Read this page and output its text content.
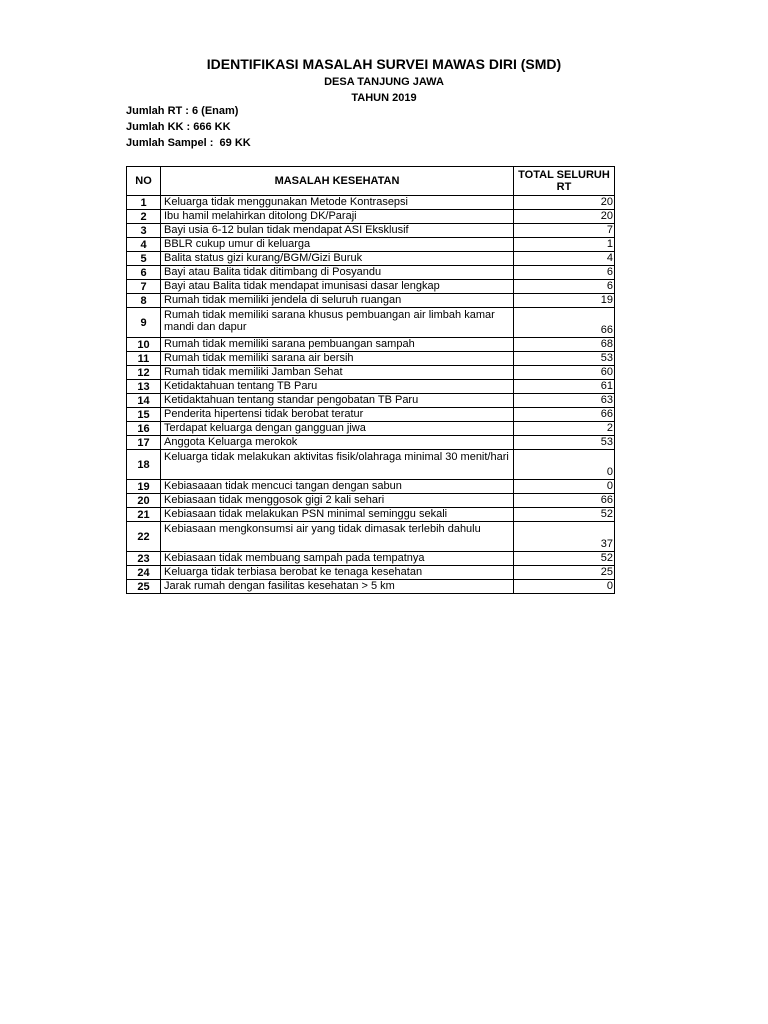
IDENTIFIKASI MASALAH SURVEI MAWAS DIRI (SMD)
DESA TANJUNG JAWA
TAHUN 2019
Jumlah RT : 6 (Enam)
Jumlah KK : 666 KK
Jumlah Sampel :  69 KK
NO	MASALAH KESEHATAN	TOTAL SELURUH RT
1	Keluarga tidak menggunakan Metode Kontrasepsi	20
2	Ibu hamil melahirkan ditolong DK/Paraji	20
3	Bayi usia 6-12 bulan tidak mendapat ASI Eksklusif	7
4	BBLR cukup umur di keluarga	1
5	Balita status gizi kurang/BGM/Gizi Buruk	4
6	Bayi atau Balita tidak ditimbang di Posyandu	6
7	Bayi atau Balita tidak mendapat imunisasi dasar lengkap	6
8	Rumah tidak memiliki jendela di seluruh ruangan	19
9	Rumah tidak memiliki sarana khusus pembuangan air limbah kamar mandi dan dapur	66
10	Rumah tidak memiliki sarana pembuangan sampah	68
11	Rumah tidak memiliki sarana air bersih	53
12	Rumah tidak memiliki Jamban Sehat	60
13	Ketidaktahuan tentang TB Paru	61
14	Ketidaktahuan tentang standar pengobatan TB Paru	63
15	Penderita hipertensi tidak berobat teratur	66
16	Terdapat keluarga dengan gangguan jiwa	2
17	Anggota Keluarga merokok	53
18	Keluarga tidak melakukan aktivitas fisik/olahraga minimal 30 menit/hari	0
19	Kebiasaaan tidak mencuci tangan dengan sabun	0
20	Kebiasaan tidak menggosok gigi 2 kali sehari	66
21	Kebiasaan tidak melakukan PSN minimal seminggu sekali	52
22	Kebiasaan mengkonsumsi air yang tidak dimasak terlebih dahulu	37
23	Kebiasaan tidak membuang sampah pada tempatnya	52
24	Keluarga tidak terbiasa berobat ke tenaga kesehatan	25
25	Jarak rumah dengan fasilitas kesehatan > 5 km	0
